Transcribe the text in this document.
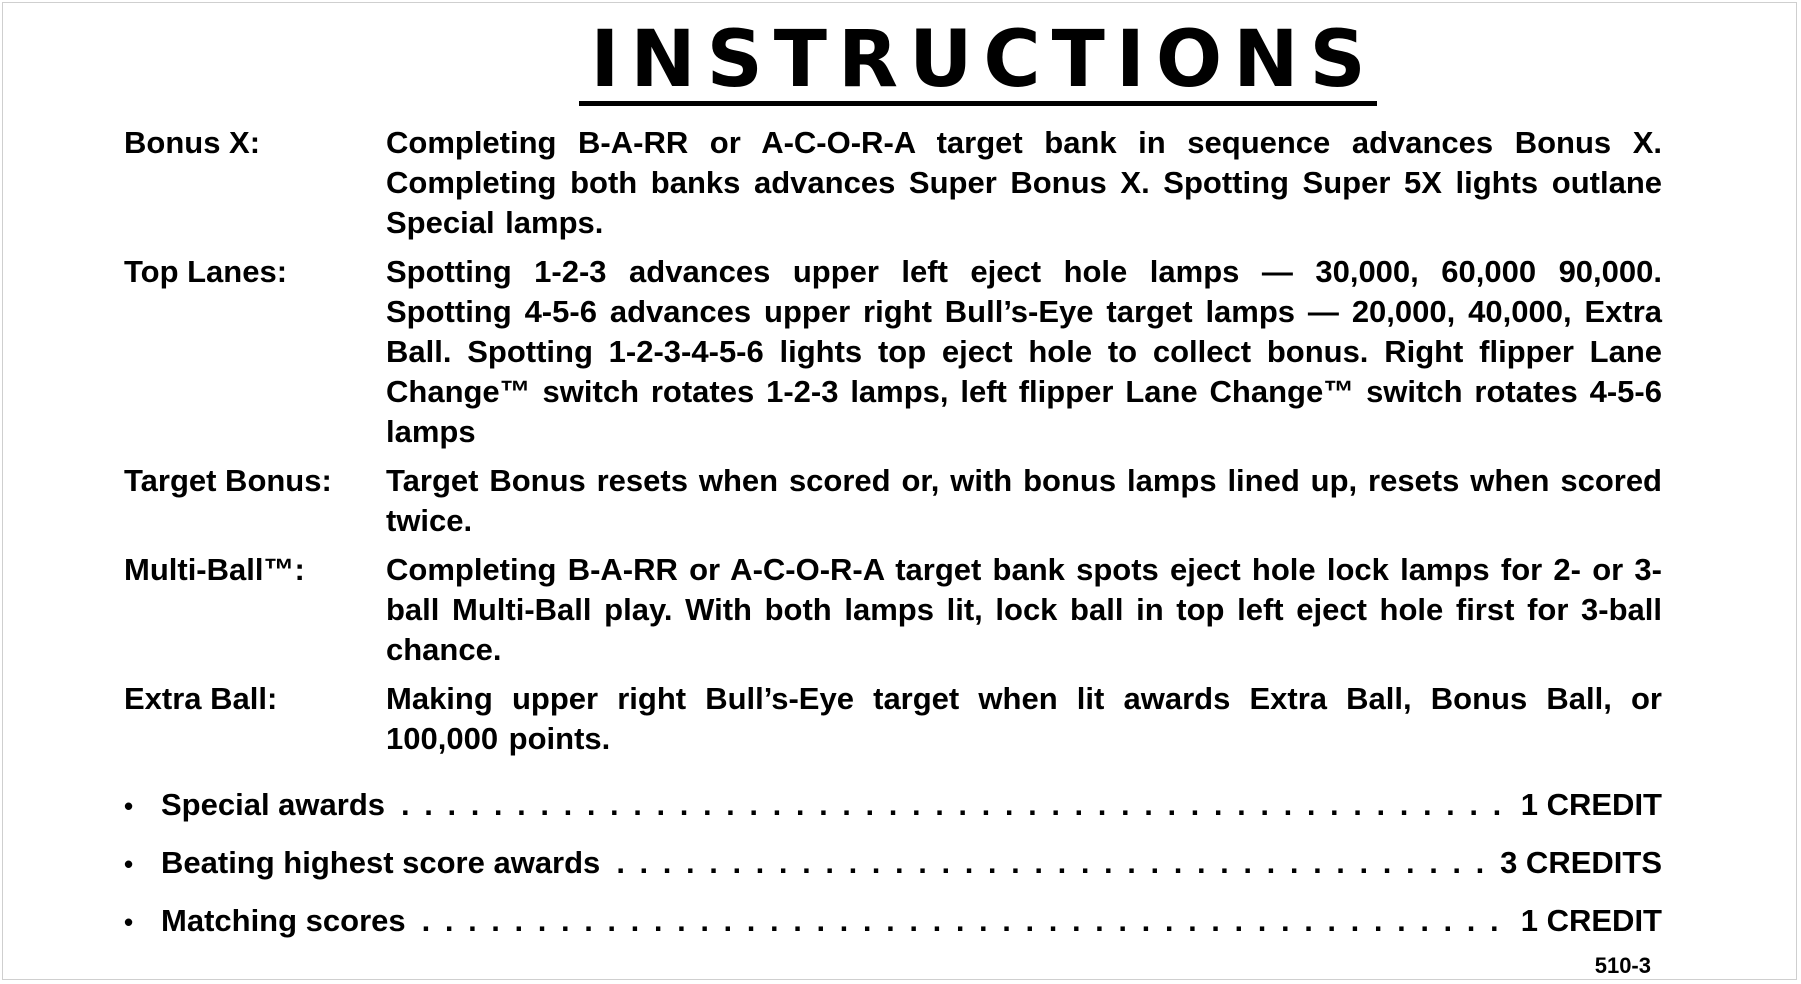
INSTRUCTIONS
Bonus X:	Completing B-A-RR or A-C-O-R-A target bank in sequence advances Bonus X. Completing both banks advances Super Bonus X. Spotting Super 5X lights outlane Special lamps.
Top Lanes:	Spotting 1-2-3 advances upper left eject hole lamps — 30,000, 60,000 90,000. Spotting 4-5-6 advances upper right Bull’s-Eye target lamps — 20,000, 40,000, Extra Ball. Spotting 1-2-3-4-5-6 lights top eject hole to collect bonus. Right flipper Lane Change™ switch rotates 1-2-3 lamps, left flipper Lane Change™ switch rotates 4-5-6 lamps
Target Bonus:	Target Bonus resets when scored or, with bonus lamps lined up, resets when scored twice.
Multi-Ball™:	Completing B-A-RR or A-C-O-R-A target bank spots eject hole lock lamps for 2- or 3-ball Multi-Ball play. With both lamps lit, lock ball in top left eject hole first for 3-ball chance.
Extra Ball:	Making upper right Bull’s-Eye target when lit awards Extra Ball, Bonus Ball, or 100,000 points.
• Special awards . . .	1 CREDIT
• Beating highest score awards . . .	3 CREDITS
• Matching scores . . .	1 CREDIT
510-3
